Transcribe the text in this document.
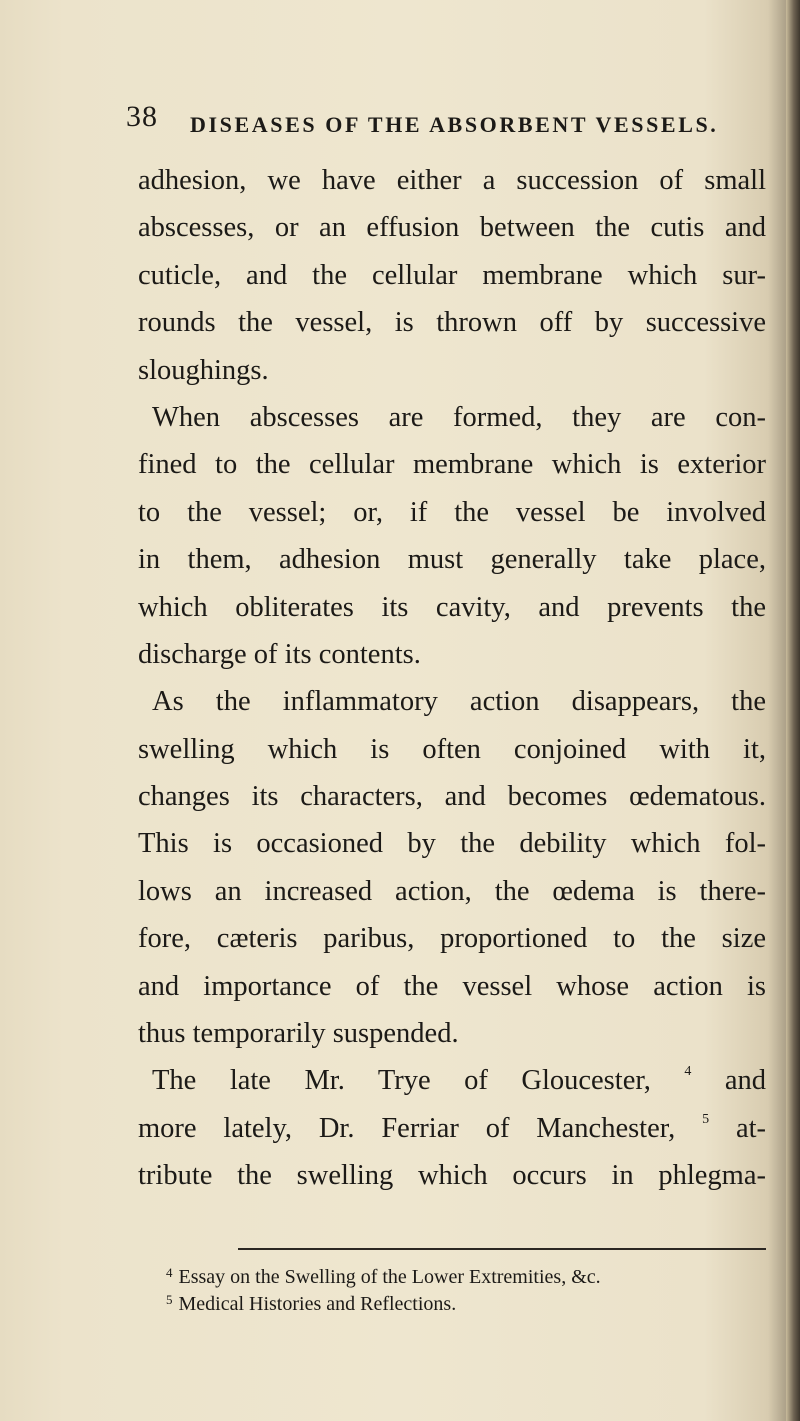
38 DISEASES OF THE ABSORBENT VESSELS.
adhesion, we have either a succession of small
abscesses, or an effusion between the cutis and
cuticle, and the cellular membrane which sur-
rounds the vessel, is thrown off by successive
sloughings.
When abscesses are formed, they are con-
fined to the cellular membrane which is exterior
to the vessel; or, if the vessel be involved
in them, adhesion must generally take place,
which obliterates its cavity, and prevents the
discharge of its contents.
As the inflammatory action disappears, the
swelling which is often conjoined with it,
changes its characters, and becomes œdematous.
This is occasioned by the debility which fol-
lows an increased action, the œdema is there-
fore, cæteris paribus, proportioned to the size
and importance of the vessel whose action is
thus temporarily suspended.
The late Mr. Trye of Gloucester, $^4$ and
more lately, Dr. Ferriar of Manchester, $^5$ at-
tribute the swelling which occurs in phlegma-
$^4$ Essay on the Swelling of the Lower Extremities, &c.
$^5$ Medical Histories and Reflections.
